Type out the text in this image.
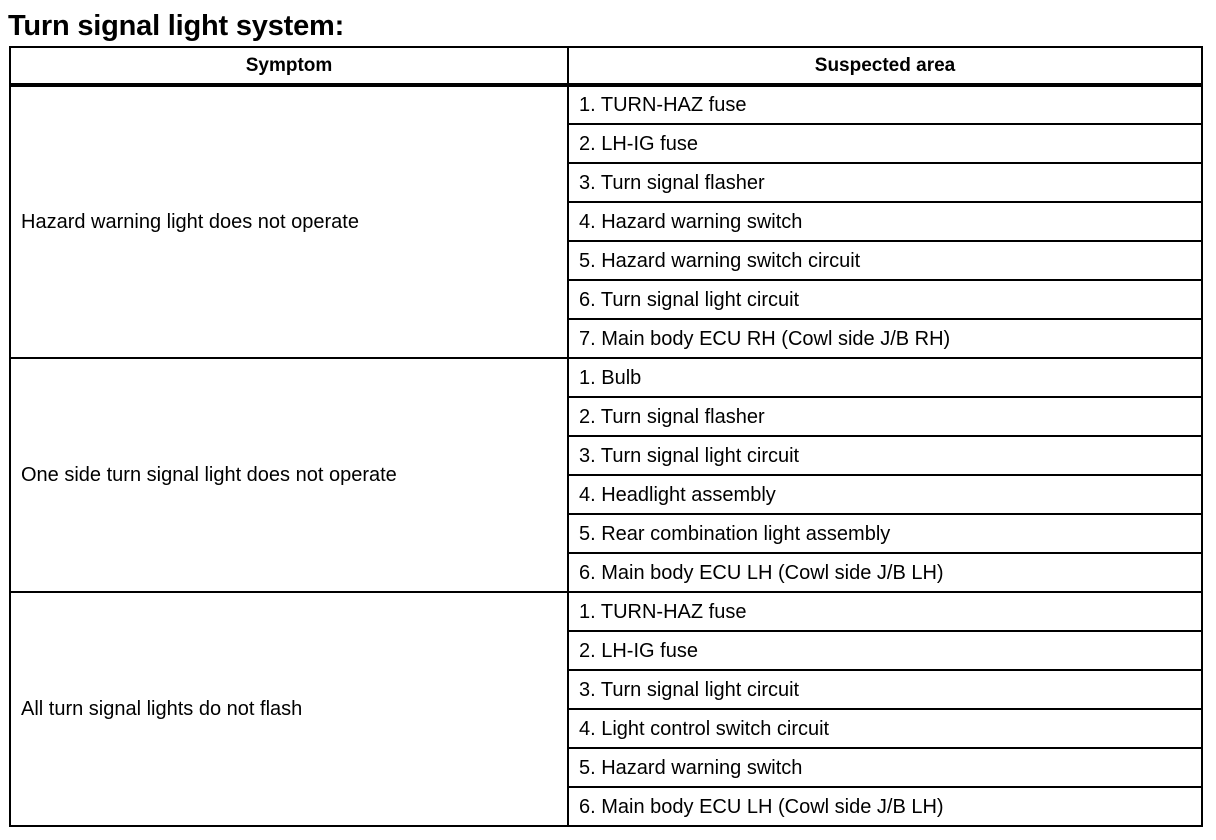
Turn signal light system:
Symptom	Suspected area
Hazard warning light does not operate	1. TURN-HAZ fuse
	2. LH-IG fuse
	3. Turn signal flasher
	4. Hazard warning switch
	5. Hazard warning switch circuit
	6. Turn signal light circuit
	7. Main body ECU RH (Cowl side J/B RH)
One side turn signal light does not operate	1. Bulb
	2. Turn signal flasher
	3. Turn signal light circuit
	4. Headlight assembly
	5. Rear combination light assembly
	6. Main body ECU LH (Cowl side J/B LH)
All turn signal lights do not flash	1. TURN-HAZ fuse
	2. LH-IG fuse
	3. Turn signal light circuit
	4. Light control switch circuit
	5. Hazard warning switch
	6. Main body ECU LH (Cowl side J/B LH)
